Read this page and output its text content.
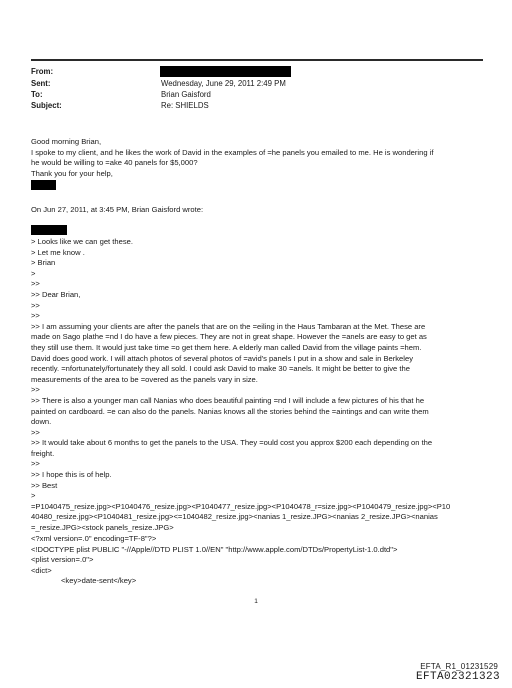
From:
Sent:	Wednesday, June 29, 2011 2:49 PM
To:	Brian Gaisford
Subject:	Re: SHIELDS
Good morning Brian,
I spoke to my client, and he likes the work of David in the examples of =he panels you emailed to me. He is wondering if
he would be willing to =ake 40 panels for $5,000?
Thank you for your help,
On Jun 27, 2011, at 3:45 PM, Brian Gaisford wrote:
> Looks like we can get these.
> Let me know .
> Brian
>
>>
>> Dear Brian,
>>
>>
>> I am assuming your clients are after the panels that are on the =eiling in the Haus Tambaran at the Met. These are
made on Sago plathe =nd I do have a few pieces. They are not in great shape. However the =anels are easy to get as
they still use them. It would just take time =o get them here. A elderly man called David from the village paints =hem.
David does good work. I will attach photos of several photos of =avid's panels I put in a show and sale in Berkeley
recently. =nfortunately/fortunately they all sold. I could ask David to make 30 =anels. It might be better to give the
measurements of the area to be =overed as the panels vary in size.
>>
>> There is also a younger man call Nanias who does beautiful painting =nd I will include a few pictures of his that he
painted on cardboard. =e can also do the panels. Nanias knows all the stories behind the =aintings and can write them
down.
>>
>> It would take about 6 months to get the panels to the USA. They =ould cost you approx $200 each depending on the
freight.
>>
>> I hope this is of help.
>> Best
>
=P1040475_resize.jpg><P1040476_resize.jpg><P1040477_resize.jpg><P1040478_r=size.jpg><P1040479_resize.jpg><P10
40480_resize.jpg><P1040481_resize.jpg><=1040482_resize.jpg><nanias 1_resize.JPG><nanias 2_resize.JPG><nanias
=_resize.JPG><stock panels_resize.JPG>
<?xml version=.0" encoding=TF-8"?>
<!DOCTYPE plist PUBLIC "-//Apple//DTD PLIST 1.0//EN" "http://www.apple.com/DTDs/PropertyList-1.0.dtd">
<plist version=.0">
<dict>
<key>date-sent</key>
1
EFTA_R1_01231529
EFTA02321323
